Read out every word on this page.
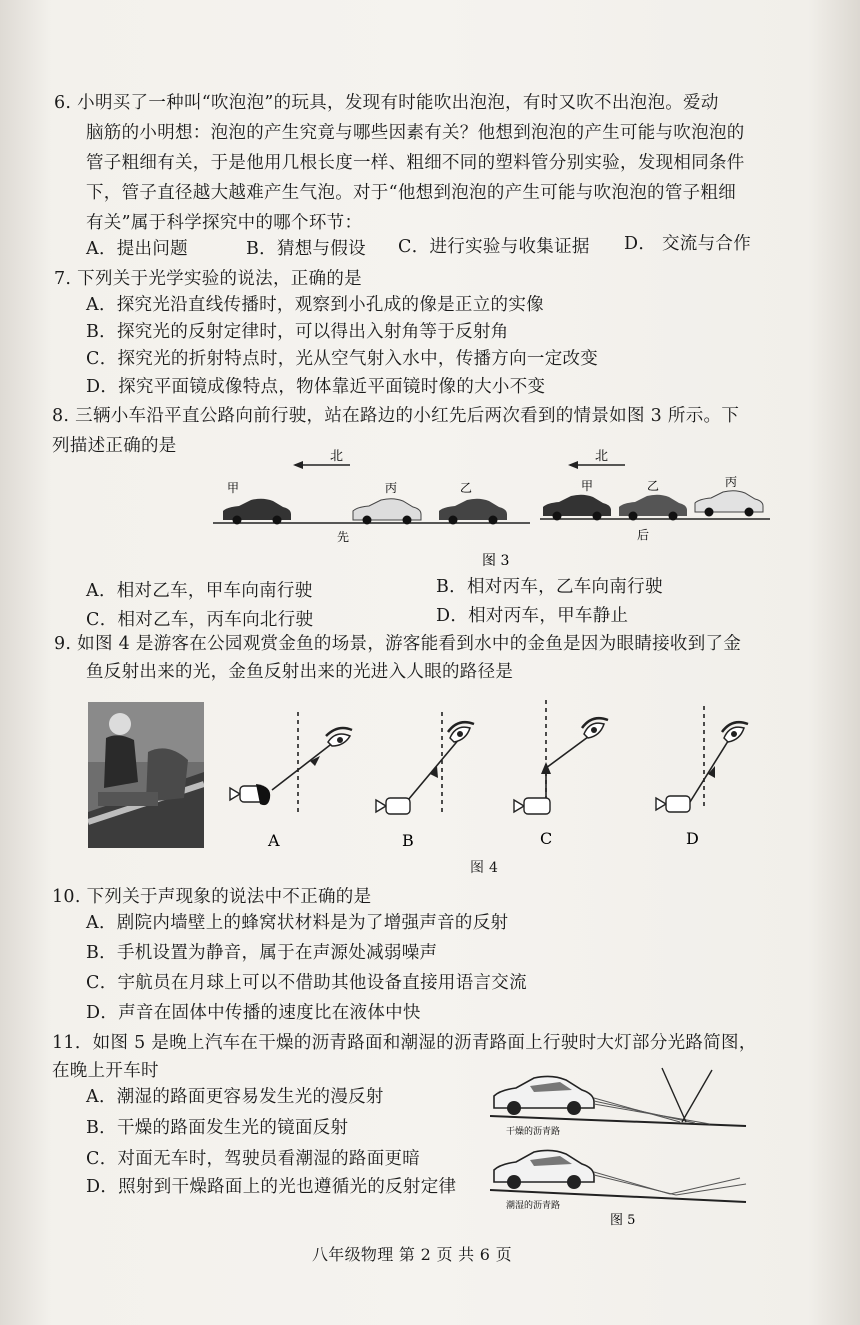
6. 小明买了一种叫“吹泡泡”的玩具，发现有时能吹出泡泡，有时又吹不出泡泡。爱动
脑筋的小明想：泡泡的产生究竟与哪些因素有关？他想到泡泡的产生可能与吹泡泡的
管子粗细有关，于是他用几根长度一样、粗细不同的塑料管分别实验，发现相同条件
下，管子直径越大越难产生气泡。对于“他想到泡泡的产生可能与吹泡泡的管子粗细
有关”属于科学探究中的哪个环节：
A．提出问题	B．猜想与假设 C．进行实验与收集证据 D． 交流与合作
7. 下列关于光学实验的说法，正确的是
A．探究光沿直线传播时，观察到小孔成的像是正立的实像
B．探究光的反射定律时，可以得出入射角等于反射角
C．探究光的折射特点时，光从空气射入水中，传播方向一定改变
D．探究平面镜成像特点，物体靠近平面镜时像的大小不变
8. 三辆小车沿平直公路向前行驶，站在路边的小红先后两次看到的情景如图 3 所示。下
列描述正确的是
北
甲	丙	乙
先
北
甲	乙	丙
后
图 3
A．相对乙车，甲车向南行驶	B．相对丙车，乙车向南行驶
C．相对乙车，丙车向北行驶	D．相对丙车，甲车静止
9. 如图 4 是游客在公园观赏金鱼的场景，游客能看到水中的金鱼是因为眼睛接收到了金
鱼反射出来的光，金鱼反射出来的光进入人眼的路径是
A	B	C	D
图 4
10. 下列关于声现象的说法中不正确的是
A．剧院内墙壁上的蜂窝状材料是为了增强声音的反射
B．手机设置为静音，属于在声源处减弱噪声
C．宇航员在月球上可以不借助其他设备直接用语言交流
D．声音在固体中传播的速度比在液体中快
11．如图 5 是晚上汽车在干燥的沥青路面和潮湿的沥青路面上行驶时大灯部分光路简图，
在晚上开车时
A．潮湿的路面更容易发生光的漫反射
B．干燥的路面发生光的镜面反射
C．对面无车时，驾驶员看潮湿的路面更暗
D．照射到干燥路面上的光也遵循光的反射定律
干燥的沥青路
潮湿的沥青路
图 5
八年级物理 第 2 页 共 6 页
